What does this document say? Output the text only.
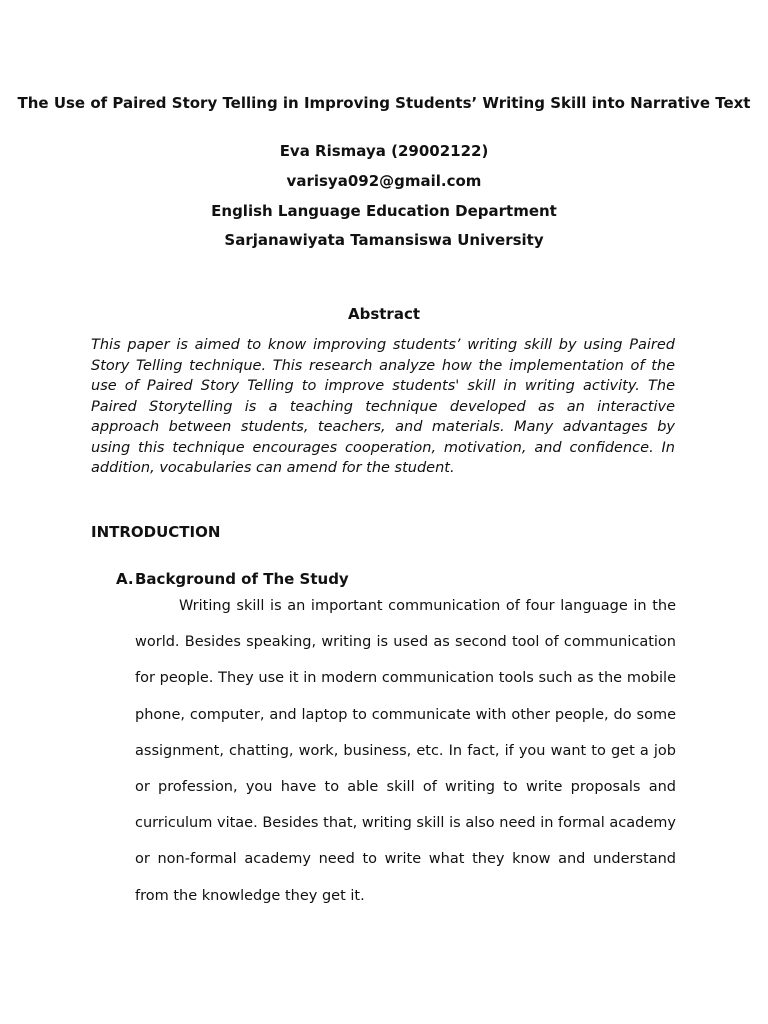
The Use of Paired Story Telling in Improving Students’ Writing Skill into Narrative Text
Eva Rismaya (29002122)
varisya092@gmail.com
English Language Education Department
Sarjanawiyata Tamansiswa University
Abstract
This paper is aimed to know improving students’ writing skill by using Paired Story Telling technique. This research analyze how the implementation of the use of Paired Story Telling to improve students' skill in writing activity. The Paired Storytelling is a teaching technique developed as an interactive approach between students, teachers, and materials. Many advantages by using this technique encourages cooperation, motivation, and confidence. In addition, vocabularies can amend for the student.
INTRODUCTION
A.Background of The Study
Writing skill is an important communication of four language in the world. Besides speaking, writing is used as second tool of communication for people. They use it in modern communication tools such as the mobile phone, computer, and laptop to communicate with other people, do some assignment, chatting, work, business, etc. In fact, if you want to get a job or profession, you have to able skill of writing to write proposals and curriculum vitae. Besides that, writing skill is also need in formal academy or non-formal academy need to write what they know and understand from the knowledge they get it.
